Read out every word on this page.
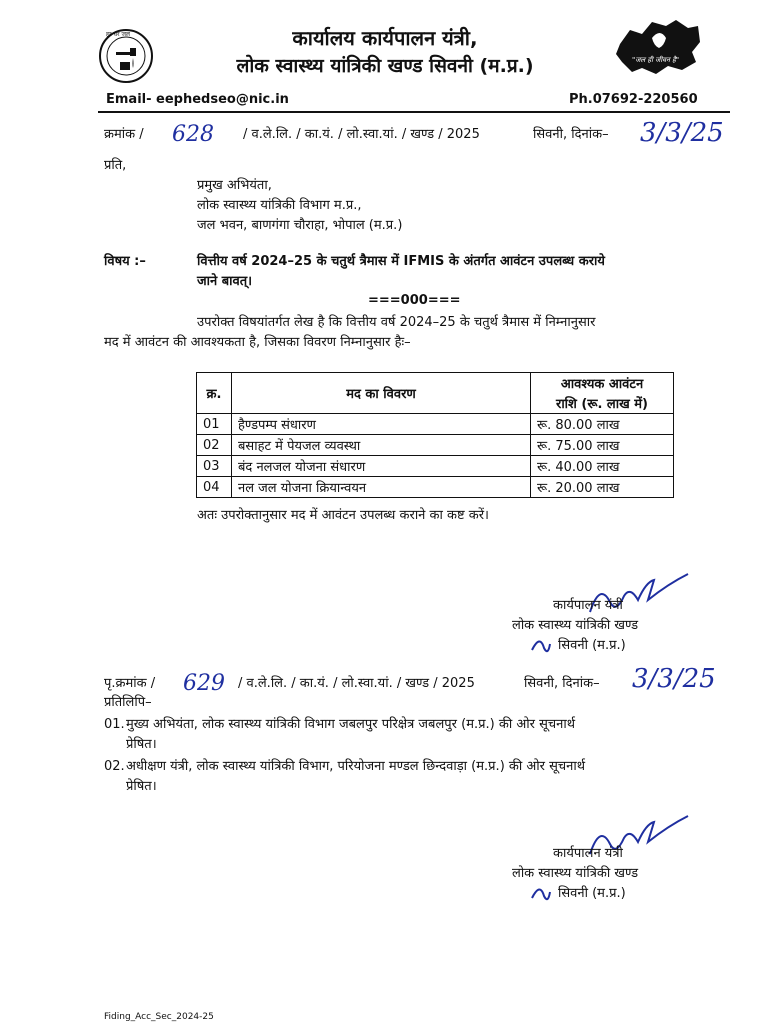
हर घर जल	कार्यालय कार्यपालन यंत्री,
लोक स्वास्थ्य यांत्रिकी खण्ड सिवनी (म.प्र.)	"जल ही जीवन है"
Email- eephedseo@nic.in	Ph.07692-220560
क्रमांक / 628 / व.ले.लि. / का.यं. / लो.स्वा.यां. / खण्ड / 2025	सिवनी, दिनांक– 3/3/25
प्रति,
प्रमुख अभियंता,
लोक स्वास्थ्य यांत्रिकी विभाग म.प्र.,
जल भवन, बाणगंगा चौराहा, भोपाल (म.प्र.)
विषय :–	वित्तीय वर्ष 2024–25 के चतुर्थ त्रैमास में IFMIS के अंतर्गत आवंटन उपलब्ध कराये
जाने बावत्।
===000===
उपरोक्त विषयांतर्गत लेख है कि वित्तीय वर्ष 2024–25 के चतुर्थ त्रैमास में निम्नानुसार
मद में आवंटन की आवश्यकता है, जिसका विवरण निम्नानुसार हैः–
क्र.	मद का विवरण	आवश्यक आवंटन
		राशि (रू. लाख में)
01	हैण्डपम्प संधारण	रू. 80.00 लाख
02	बसाहट में पेयजल व्यवस्था	रू. 75.00 लाख
03	बंद नलजल योजना संधारण	रू. 40.00 लाख
04	नल जल योजना क्रियान्वयन	रू. 20.00 लाख
अतः उपरोक्तानुसार मद में आवंटन उपलब्ध कराने का कष्ट करें।
कार्यपालन यंत्री
लोक स्वास्थ्य यांत्रिकी खण्ड
सिवनी (म.प्र.)
पृ.क्रमांक / 629 / व.ले.लि. / का.यं. / लो.स्वा.यां. / खण्ड / 2025	सिवनी, दिनांक– 3/3/25
प्रतिलिपि–
01. मुख्य अभियंता, लोक स्वास्थ्य यांत्रिकी विभाग जबलपुर परिक्षेत्र जबलपुर (म.प्र.) की ओर सूचनार्थ
प्रेषित।
02. अधीक्षण यंत्री, लोक स्वास्थ्य यांत्रिकी विभाग, परियोजना मण्डल छिन्दवाड़ा (म.प्र.) की ओर सूचनार्थ
प्रेषित।
कार्यपालन यंत्री
लोक स्वास्थ्य यांत्रिकी खण्ड
सिवनी (म.प्र.)
Fiding_Acc_Sec_2024-25
